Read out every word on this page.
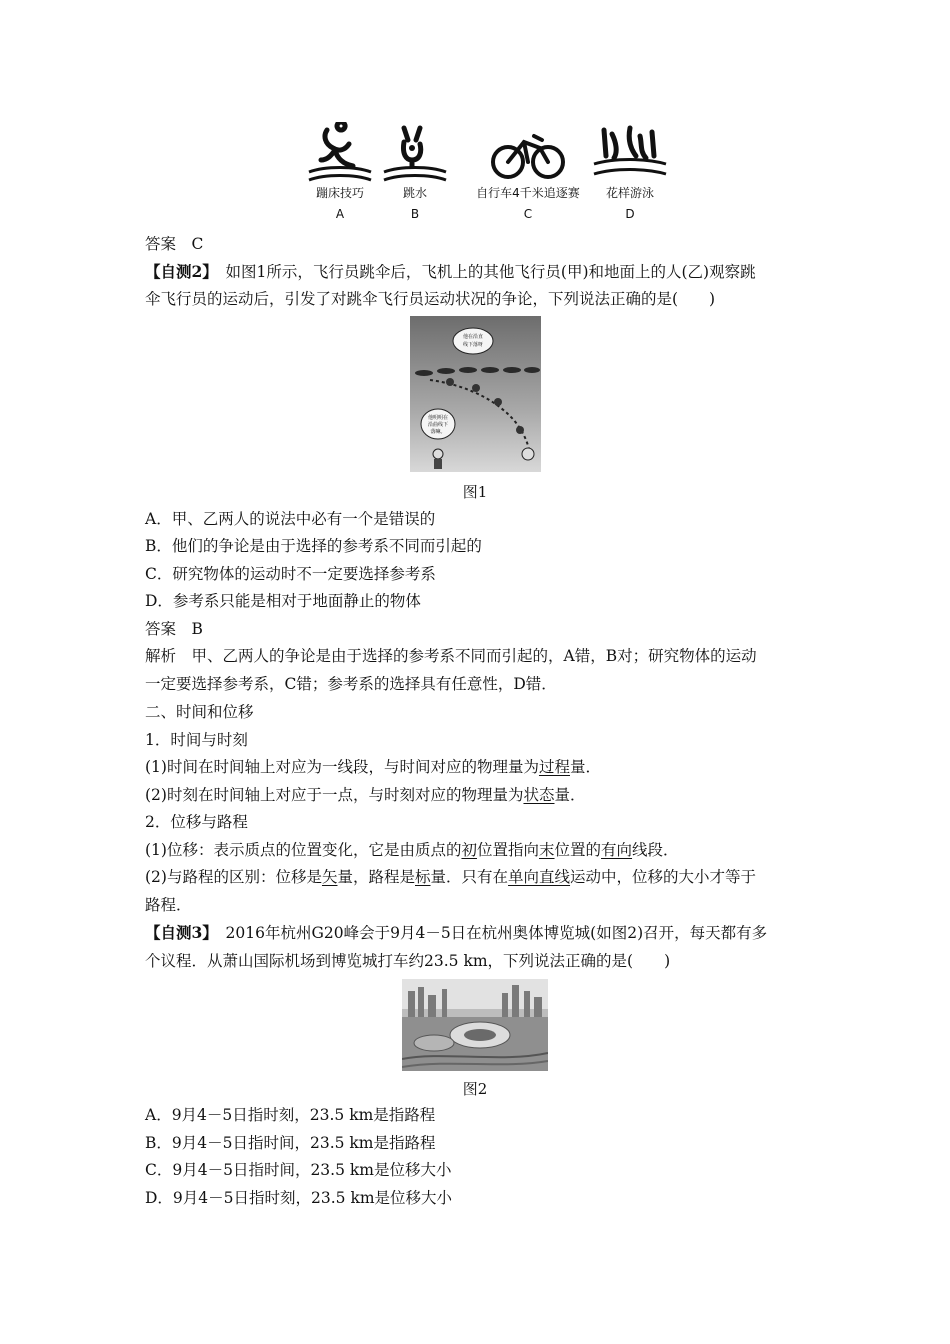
蹦床技巧
A
跳水
B
自行车4千米追逐赛
C
花样游泳
D
答案　C
【自测2】　如图1所示，飞行员跳伞后，飞机上的其他飞行员(甲)和地面上的人(乙)观察跳
伞飞行员的运动后，引发了对跳伞飞行员运动状况的争论，下列说法正确的是(　　)
他在沿直
线下落呀
他明明在
沿曲线下
落嘛。
图1
A．甲、乙两人的说法中必有一个是错误的
B．他们的争论是由于选择的参考系不同而引起的
C．研究物体的运动时不一定要选择参考系
D．参考系只能是相对于地面静止的物体
答案　B
解析　甲、乙两人的争论是由于选择的参考系不同而引起的，A错，B对；研究物体的运动
一定要选择参考系，C错；参考系的选择具有任意性，D错．
二、时间和位移
1．时间与时刻
(1)时间在时间轴上对应为一线段，与时间对应的物理量为过程量．
(2)时刻在时间轴上对应于一点，与时刻对应的物理量为状态量．
2．位移与路程
(1)位移：表示质点的位置变化，它是由质点的初位置指向末位置的有向线段．
(2)与路程的区别：位移是矢量，路程是标量．只有在单向直线运动中，位移的大小才等于
路程．
【自测3】　2016年杭州G20峰会于9月4－5日在杭州奥体博览城(如图2)召开，每天都有多
个议程．从萧山国际机场到博览城打车约23.5 km，下列说法正确的是(　　)
图2
A．9月4－5日指时刻，23.5 km是指路程
B．9月4－5日指时间，23.5 km是指路程
C．9月4－5日指时间，23.5 km是位移大小
D．9月4－5日指时刻，23.5 km是位移大小
